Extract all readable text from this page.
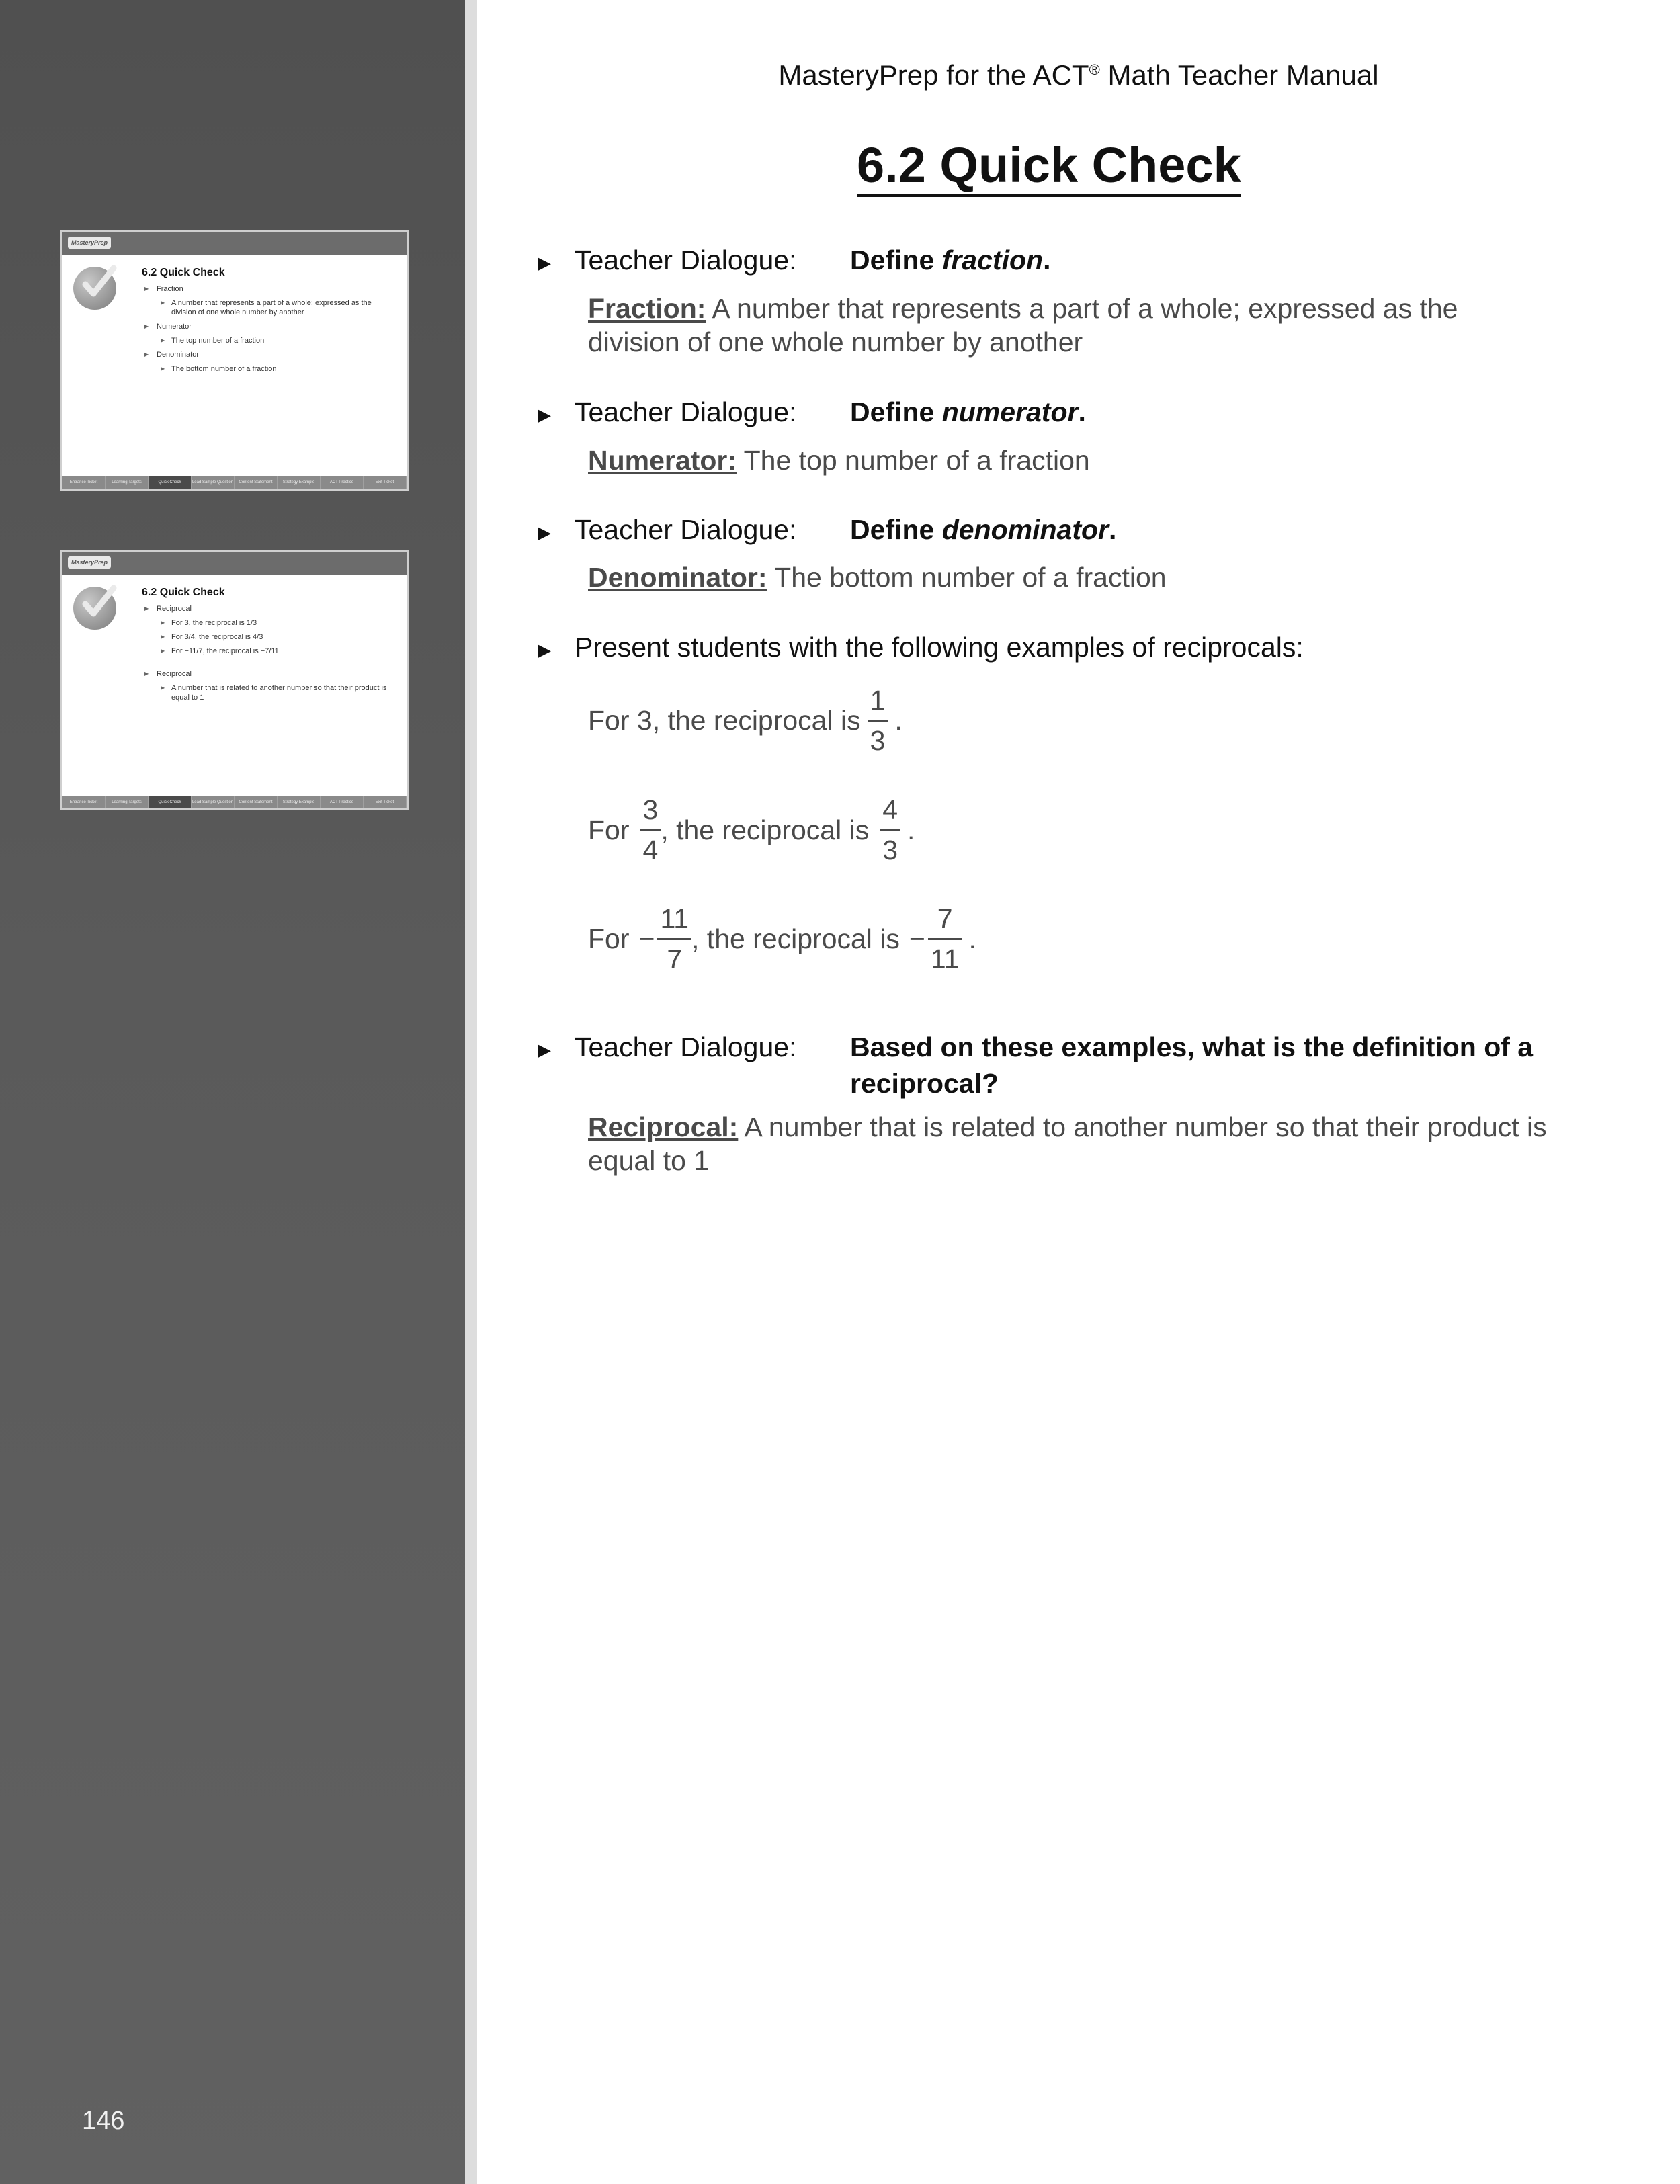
MasteryPrep
6.2 Quick Check
▶ Fraction
▶ A number that represents a part of a whole; expressed as the division of one whole number by another
▶ Numerator
▶ The top number of a fraction
▶ Denominator
▶ The bottom number of a fraction
Entrance Ticket	Learning Targets	Quick Check	Lead Sample Question	Content Statement	Strategy Example	ACT Practice	Exit Ticket
MasteryPrep
6.2 Quick Check
▶ Reciprocal
▶ For 3, the reciprocal is 1/3
▶ For 3/4, the reciprocal is 4/3
▶ For −11/7, the reciprocal is −7/11
▶ Reciprocal
▶ A number that is related to another number so that their product is equal to 1
Entrance Ticket	Learning Targets	Quick Check	Lead Sample Question	Content Statement	Strategy Example	ACT Practice	Exit Ticket
146
MasteryPrep for the ACT® Math Teacher Manual
6.2 Quick Check
▶ Teacher Dialogue: Define fraction.
Fraction: A number that represents a part of a whole; expressed as the division of one whole number by another
▶ Teacher Dialogue: Define numerator.
Numerator: The top number of a fraction
▶ Teacher Dialogue: Define denominator.
Denominator: The bottom number of a fraction
▶ Present students with the following examples of reciprocals:
For 3, the reciprocal is $\frac{1}{3}$ .
For $\frac{3}{4}$ , the reciprocal is $\frac{4}{3}$ .
For − $\frac{11}{7}$ , the reciprocal is − $\frac{7}{11}$ .
▶ Teacher Dialogue: Based on these examples, what is the definition of a reciprocal?
Reciprocal: A number that is related to another number so that their product is equal to 1
